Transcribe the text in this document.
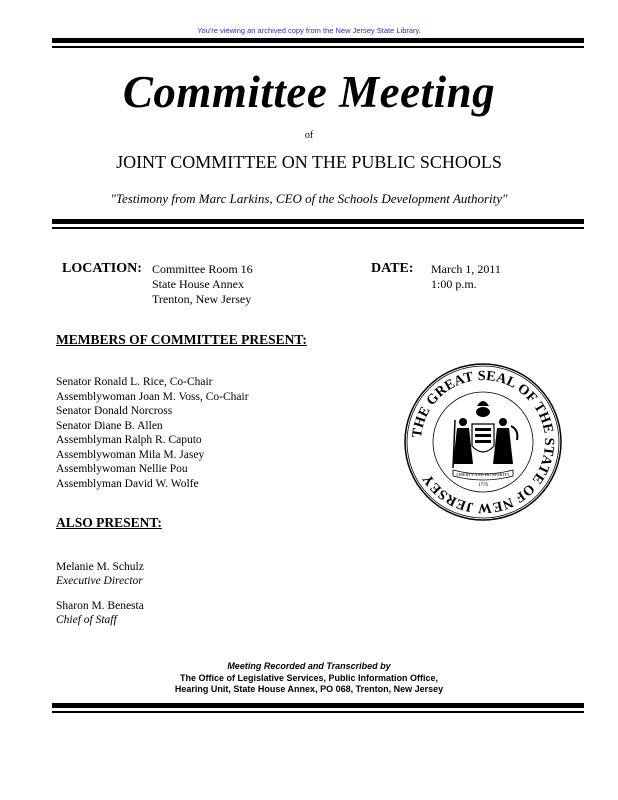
You're viewing an archived copy from the New Jersey State Library.
Committee Meeting
of
JOINT COMMITTEE ON THE PUBLIC SCHOOLS
"Testimony from Marc Larkins, CEO of the Schools Development Authority"
LOCATION: Committee Room 16
State House Annex
Trenton, New Jersey
DATE: March 1, 2011
1:00 p.m.
MEMBERS OF COMMITTEE PRESENT:
Senator Ronald L. Rice, Co-Chair
Assemblywoman Joan M. Voss, Co-Chair
Senator Donald Norcross
Senator Diane B. Allen
Assemblyman Ralph R. Caputo
Assemblywoman Mila M. Jasey
Assemblywoman Nellie Pou
Assemblyman David W. Wolfe
ALSO PRESENT:
Melanie M. Schulz
Executive Director
Sharon M. Benesta
Chief of Staff
THE GREAT SEAL OF THE STATE OF NEW JERSEY	LIBERTY AND PROSPERITY
1776
Meeting Recorded and Transcribed by
The Office of Legislative Services, Public Information Office,
Hearing Unit, State House Annex, PO 068, Trenton, New Jersey
